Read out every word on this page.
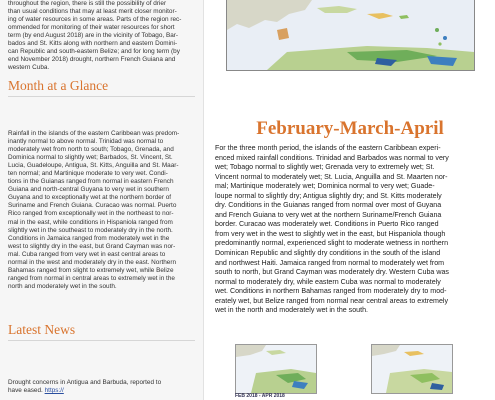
throughout the region, there is still the possibility of drier

than usual conditions that may at least merit closer monitor-

ing of water resources in some areas. Parts of the region rec-

ommended for monitoring of their water resources for short

term (by end August 2018) are in the vicinity of Tobago, Bar-

bados and St. Kitts along with northern and eastern Domini-

can Republic and south-eastern Belize; and for long term (by

end November 2018) drought, northern French Guiana and

western Cuba.

Month at a Glance

Rainfall in the islands of the eastern Caribbean was predom-

inantly normal to above normal. Trinidad was normal to

moderately wet from north to south; Tobago, Grenada, and

Dominica normal to slightly wet; Barbados, St. Vincent, St.

Lucia, Guadeloupe, Antigua, St. Kitts, Anguilla and St. Maar-

ten normal; and Martinique moderate to very wet. Condi-

tions in the Guianas ranged from normal in eastern French

Guiana and north-central Guyana to very wet in southern

Guyana and to exceptionally wet at the northern border of

Suriname and French Guiana. Curacao was normal. Puerto

Rico ranged from exceptionally wet in the northeast to nor-

mal in the east, while conditions in Hispaniola ranged from

slightly wet in the southeast to moderately dry in the north.

Conditions in Jamaica ranged from moderately wet in the

west to slightly dry in the east, but Grand Cayman was nor-

mal. Cuba ranged from very wet in east central areas to

normal in the west and moderately dry in the east. Northern

Bahamas ranged from slight to extremely wet, while Belize

ranged from normal in central areas to extremely wet in the

north and moderately wet in the south.

Latest News

Drought concerns in Antigua and Barbuda, reported to

have eased. https://

February-March-April
For the three month period, the islands of the eastern Caribbean experi-
enced mixed rainfall conditions. Trinidad and Barbados was normal to very
wet; Tobago normal to slightly wet; Grenada very to extremely wet; St.
Vincent normal to moderately wet; St. Lucia, Anguilla and St. Maarten nor-
mal; Martinique moderately wet; Dominica normal to very wet; Guade-
loupe normal to slightly dry; Antigua slightly dry; and St. Kitts moderately
dry. Conditions in the Guianas ranged from normal over most of Guyana
and French Guiana to very wet at the northern Suriname/French Guiana
border. Curacao was moderately wet. Conditions in Puerto Rico ranged
from very wet in the west to slightly wet in the east, but Hispaniola though
predominantly normal, experienced slight to moderate wetness in northern
Dominican Republic and slightly dry conditions in the south of the island
and northwest Haiti. Jamaica ranged from normal to moderately wet from
south to north, but Grand Cayman was moderately dry. Western Cuba was
normal to moderately dry, while eastern Cuba was normal to moderately
wet. Conditions in northern Bahamas ranged from moderately dry to mod-
erately wet, but Belize ranged from normal near central areas to extremely
wet in the north and moderately wet in the south.
FEB 2018 - APR 2018
